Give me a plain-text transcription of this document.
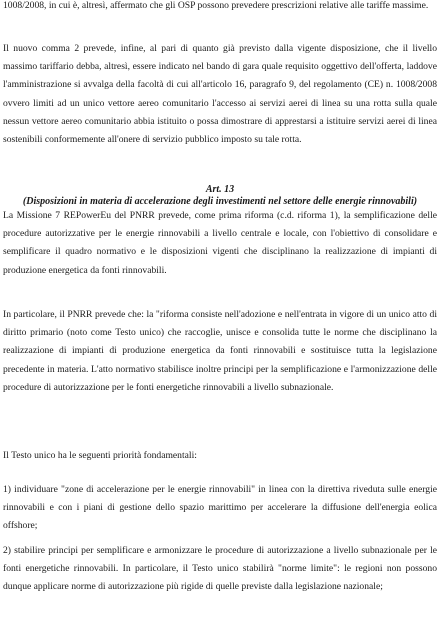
1008/2008, in cui è, altresì, affermato che gli OSP possono prevedere prescrizioni relative alle tariffe massime.

Il nuovo comma 2 prevede, infine, al pari di quanto già previsto dalla vigente disposizione, che il livello massimo tariffario debba, altresì, essere indicato nel bando di gara quale requisito oggettivo dell'offerta, laddove l'amministrazione si avvalga della facoltà di cui all'articolo 16, paragrafo 9, del regolamento (CE) n. 1008/2008 ovvero limiti ad un unico vettore aereo comunitario l'accesso ai servizi aerei di linea su una rotta sulla quale nessun vettore aereo comunitario abbia istituito o possa dimostrare di apprestarsi a istituire servizi aerei di linea sostenibili conformemente all'onere di servizio pubblico imposto su tale rotta.

Art. 13
(Disposizioni in materia di accelerazione degli investimenti nel settore delle energie rinnovabili)

La Missione 7 REPowerEu del PNRR prevede, come prima riforma (c.d. riforma 1), la semplificazione delle procedure autorizzative per le energie rinnovabili a livello centrale e locale, con l'obiettivo di consolidare e semplificare il quadro normativo e le disposizioni vigenti che disciplinano la realizzazione di impianti di produzione energetica da fonti rinnovabili.

In particolare, il PNRR prevede che: la "riforma consiste nell'adozione e nell'entrata in vigore di un unico atto di diritto primario (noto come Testo unico) che raccoglie, unisce e consolida tutte le norme che disciplinano la realizzazione di impianti di produzione energetica da fonti rinnovabili e sostituisce tutta la legislazione precedente in materia. L'atto normativo stabilisce inoltre principi per la semplificazione e l'armonizzazione delle procedure di autorizzazione per le fonti energetiche rinnovabili a livello subnazionale.

Il Testo unico ha le seguenti priorità fondamentali:

1) individuare "zone di accelerazione per le energie rinnovabili" in linea con la direttiva riveduta sulle energie rinnovabili e con i piani di gestione dello spazio marittimo per accelerare la diffusione dell'energia eolica offshore;

2) stabilire principi per semplificare e armonizzare le procedure di autorizzazione a livello subnazionale per le fonti energetiche rinnovabili. In particolare, il Testo unico stabilirà "norme limite": le regioni non possono dunque applicare norme di autorizzazione più rigide di quelle previste dalla legislazione nazionale;
